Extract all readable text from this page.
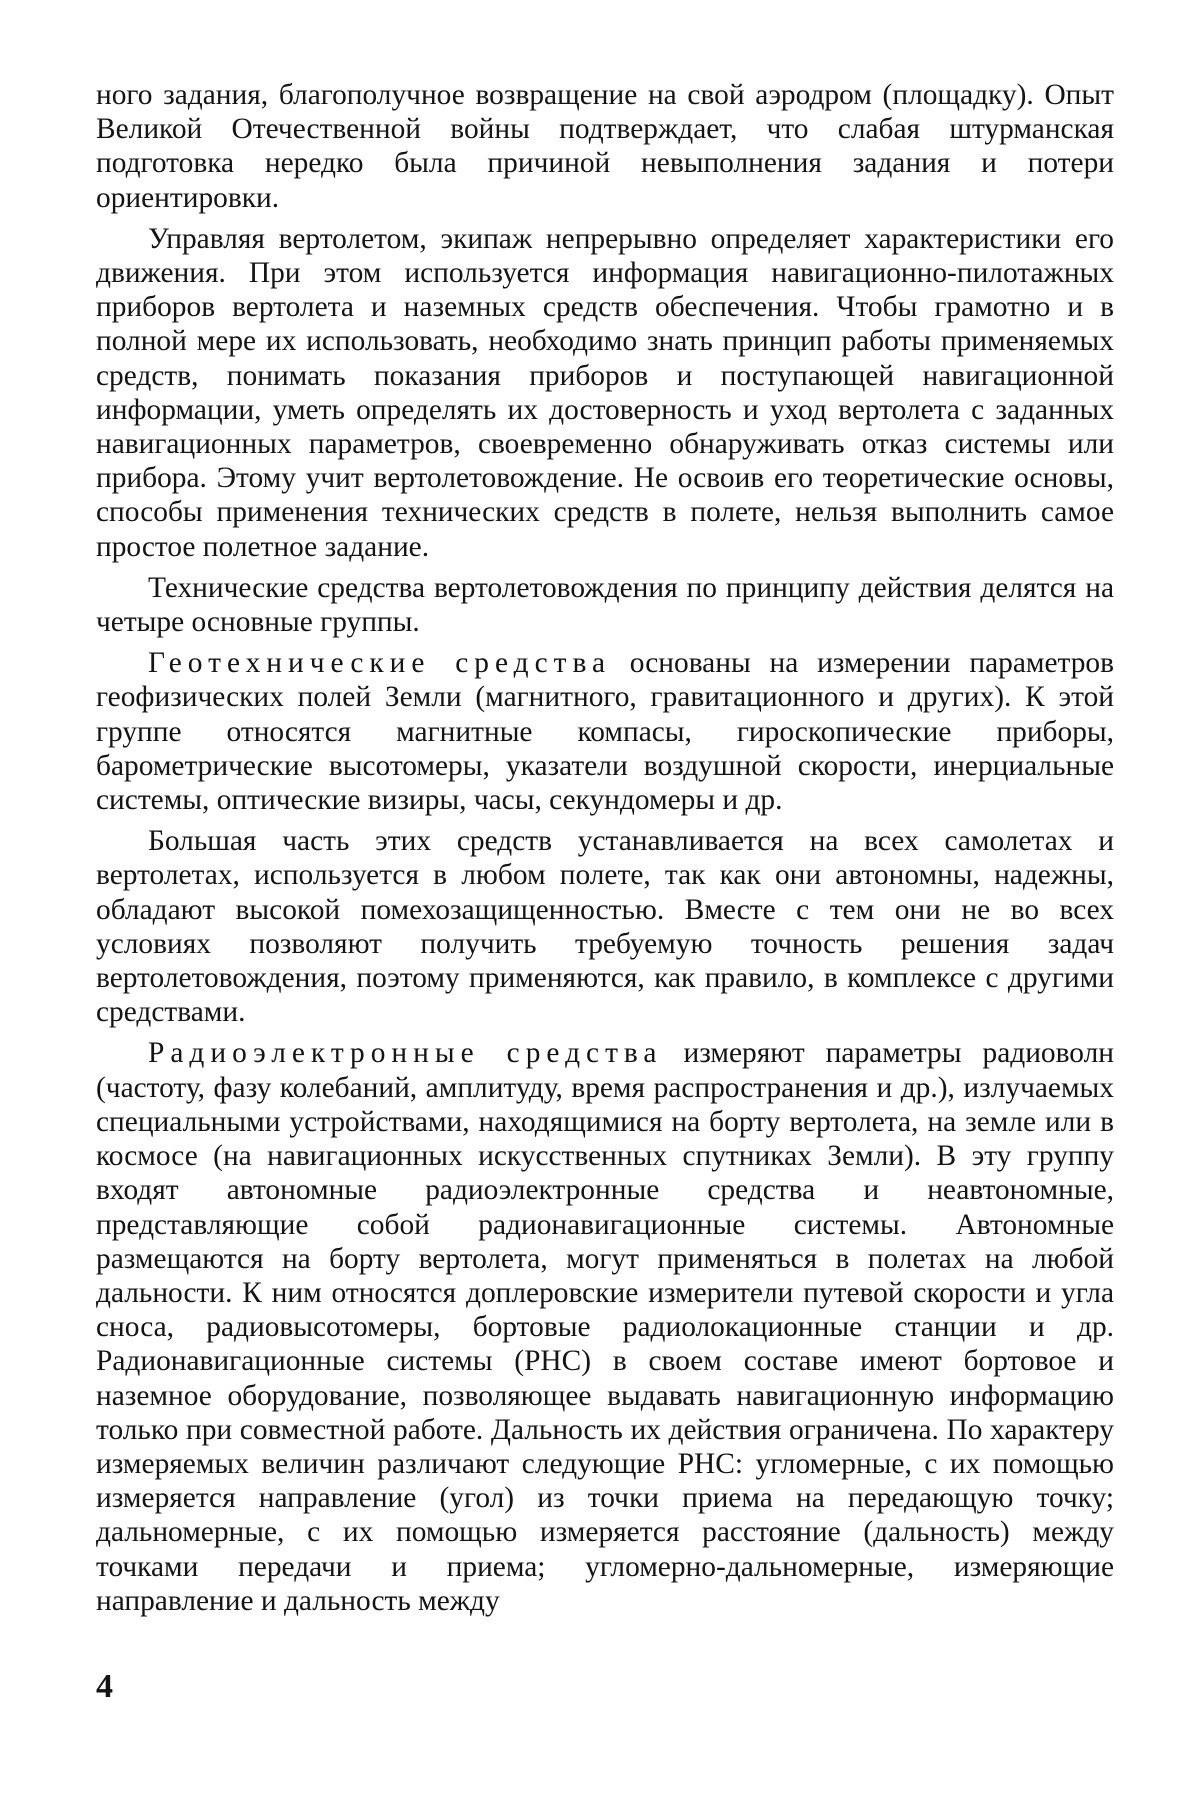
ного задания, благополучное возвращение на свой аэродром (площадку). Опыт Великой Отечественной войны подтверждает, что слабая штурманская подготовка нередко была причиной невыполнения задания и потери ориентировки.

Управляя вертолетом, экипаж непрерывно определяет характеристики его движения. При этом используется информация навигационно-пилотажных приборов вертолета и наземных средств обеспечения. Чтобы грамотно и в полной мере их использовать, необходимо знать принцип работы применяемых средств, понимать показания приборов и поступающей навигационной информации, уметь определять их достоверность и уход вертолета с заданных навигационных параметров, своевременно обнаруживать отказ системы или прибора. Этому учит вертолетовождение. Не освоив его теоретические основы, способы применения технических средств в полете, нельзя выполнить самое простое полетное задание.

Технические средства вертолетовождения по принципу действия делятся на четыре основные группы.

Геотехнические средства основаны на измерении параметров геофизических полей Земли (магнитного, гравитационного и других). К этой группе относятся магнитные компасы, гироскопические приборы, барометрические высотомеры, указатели воздушной скорости, инерциальные системы, оптические визиры, часы, секундомеры и др.

Большая часть этих средств устанавливается на всех самолетах и вертолетах, используется в любом полете, так как они автономны, надежны, обладают высокой помехозащищенностью. Вместе с тем они не во всех условиях позволяют получить требуемую точность решения задач вертолетовождения, поэтому применяются, как правило, в комплексе с другими средствами.

Радиоэлектронные средства измеряют параметры радиоволн (частоту, фазу колебаний, амплитуду, время распространения и др.), излучаемых специальными устройствами, находящимися на борту вертолета, на земле или в космосе (на навигационных искусственных спутниках Земли). В эту группу входят автономные радиоэлектронные средства и неавтономные, представляющие собой радионавигационные системы. Автономные размещаются на борту вертолета, могут применяться в полетах на любой дальности. К ним относятся доплеровские измерители путевой скорости и угла сноса, радиовысотомеры, бортовые радиолокационные станции и др. Радионавигационные системы (РНС) в своем составе имеют бортовое и наземное оборудование, позволяющее выдавать навигационную информацию только при совместной работе. Дальность их действия ограничена. По характеру измеряемых величин различают следующие РНС: угломерные, с их помощью измеряется направление (угол) из точки приема на передающую точку; дальномерные, с их помощью измеряется расстояние (дальность) между точками передачи и приема; угломерно-дальномерные, измеряющие направление и дальность между

4
